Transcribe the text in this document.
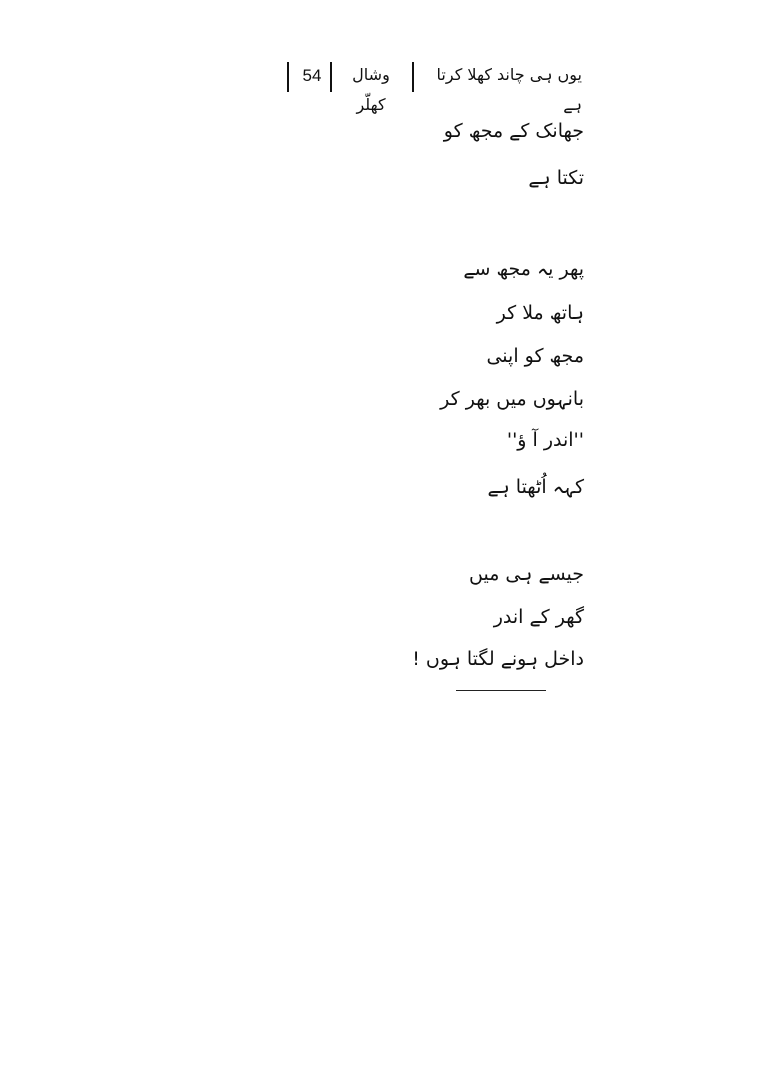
54	وشال کھلّر
یوں ہی چاند کھلا کرتا ہے

جھانک کے مجھ کو

تکتا ہے

پھر یہ مجھ سے

ہاتھ ملا کر

مجھ کو اپنی

بانہوں میں بھر کر

''اندر آ ؤ''

کہہ اُٹھتا ہے

جیسے ہی میں

گھر کے اندر

داخل ہونے لگتا ہوں !
